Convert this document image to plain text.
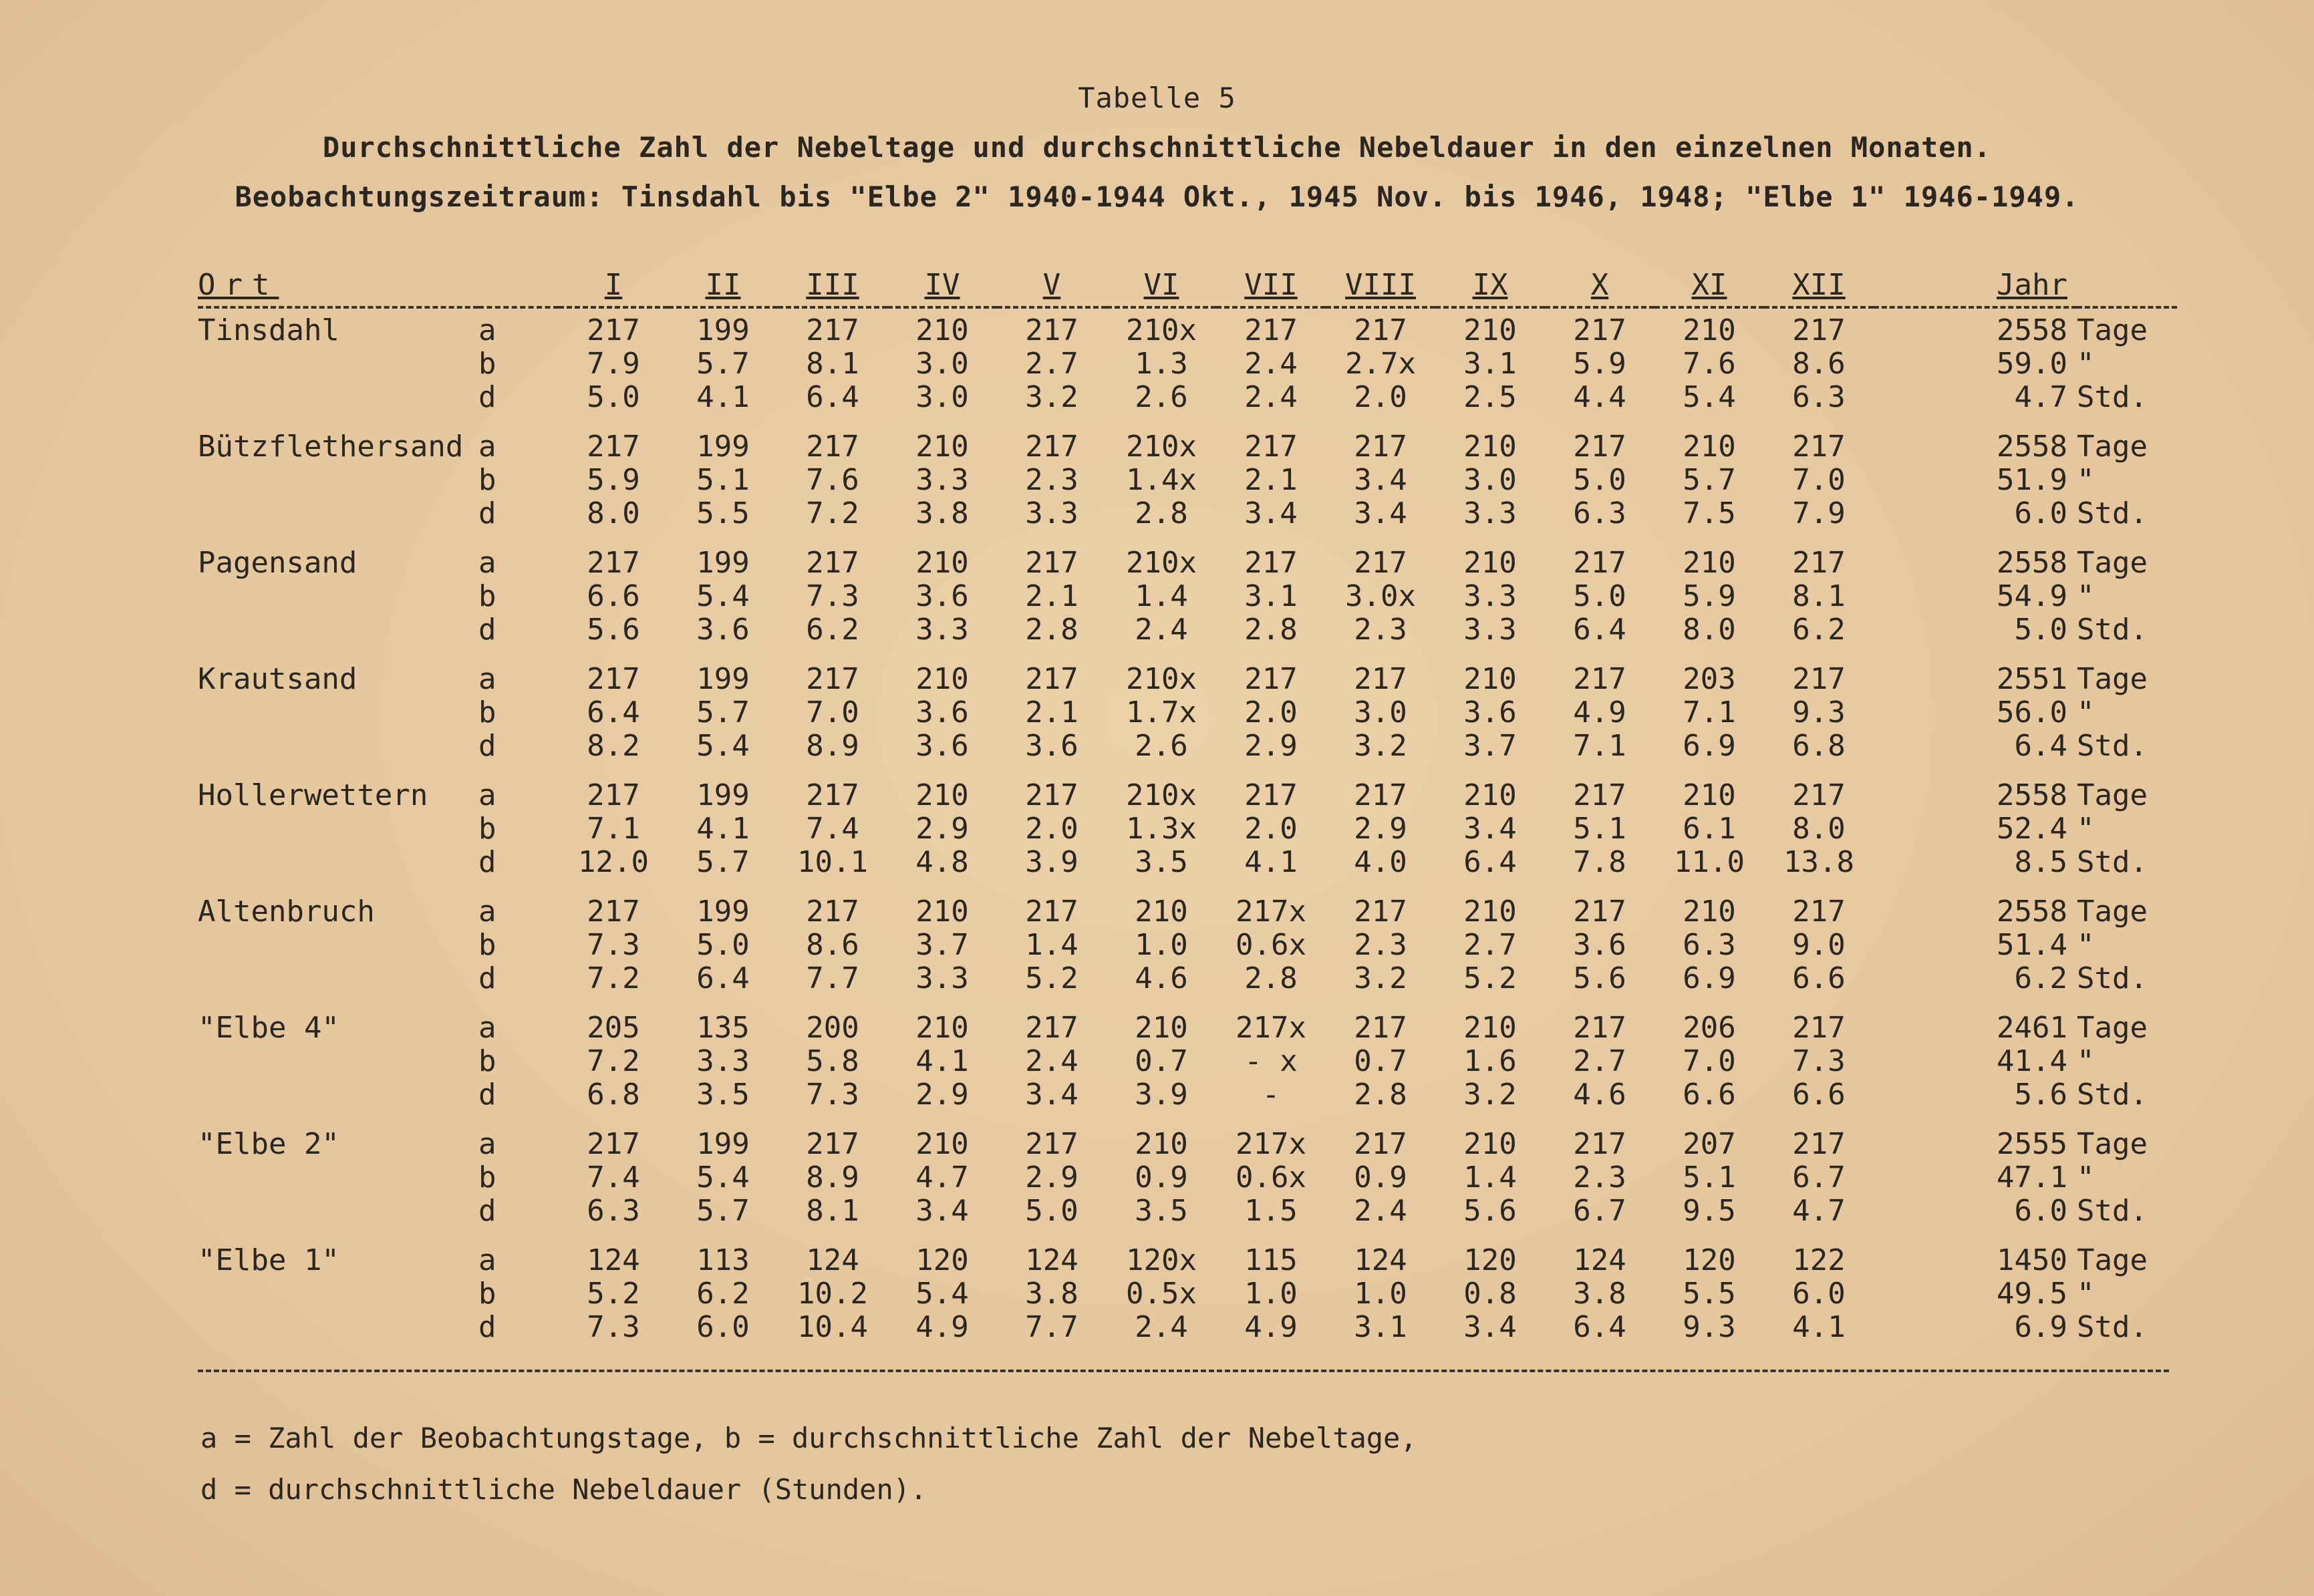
Tabelle 5
Durchschnittliche Zahl der Nebeltage und durchschnittliche Nebeldauer in den einzelnen Monaten.
Beobachtungszeitraum: Tinsdahl bis "Elbe 2" 1940-1944 Okt., 1945 Nov. bis 1946, 1948; "Elbe 1" 1946-1949.
Ort		I	II	III	IV	V	VI	VII	VIII	IX	X	XI	XII	Jahr	

Tinsdahl	a	217	199	217	210	217	210x	217	217	210	217	210	217	2558	Tage
	b	7.9	5.7	8.1	3.0	2.7	1.3	2.4	2.7x	3.1	5.9	7.6	8.6	59.0	"
	d	5.0	4.1	6.4	3.0	3.2	2.6	2.4	2.0	2.5	4.4	5.4	6.3	4.7	Std.

Bützflethersand	a	217	199	217	210	217	210x	217	217	210	217	210	217	2558	Tage
	b	5.9	5.1	7.6	3.3	2.3	1.4x	2.1	3.4	3.0	5.0	5.7	7.0	51.9	"
	d	8.0	5.5	7.2	3.8	3.3	2.8	3.4	3.4	3.3	6.3	7.5	7.9	6.0	Std.

Pagensand	a	217	199	217	210	217	210x	217	217	210	217	210	217	2558	Tage
	b	6.6	5.4	7.3	3.6	2.1	1.4	3.1	3.0x	3.3	5.0	5.9	8.1	54.9	"
	d	5.6	3.6	6.2	3.3	2.8	2.4	2.8	2.3	3.3	6.4	8.0	6.2	5.0	Std.

Krautsand	a	217	199	217	210	217	210x	217	217	210	217	203	217	2551	Tage
	b	6.4	5.7	7.0	3.6	2.1	1.7x	2.0	3.0	3.6	4.9	7.1	9.3	56.0	"
	d	8.2	5.4	8.9	3.6	3.6	2.6	2.9	3.2	3.7	7.1	6.9	6.8	6.4	Std.

Hollerwettern	a	217	199	217	210	217	210x	217	217	210	217	210	217	2558	Tage
	b	7.1	4.1	7.4	2.9	2.0	1.3x	2.0	2.9	3.4	5.1	6.1	8.0	52.4	"
	d	12.0	5.7	10.1	4.8	3.9	3.5	4.1	4.0	6.4	7.8	11.0	13.8	8.5	Std.

Altenbruch	a	217	199	217	210	217	210	217x	217	210	217	210	217	2558	Tage
	b	7.3	5.0	8.6	3.7	1.4	1.0	0.6x	2.3	2.7	3.6	6.3	9.0	51.4	"
	d	7.2	6.4	7.7	3.3	5.2	4.6	2.8	3.2	5.2	5.6	6.9	6.6	6.2	Std.

"Elbe 4"	a	205	135	200	210	217	210	217x	217	210	217	206	217	2461	Tage
	b	7.2	3.3	5.8	4.1	2.4	0.7	- x	0.7	1.6	2.7	7.0	7.3	41.4	"
	d	6.8	3.5	7.3	2.9	3.4	3.9	-	2.8	3.2	4.6	6.6	6.6	5.6	Std.

"Elbe 2"	a	217	199	217	210	217	210	217x	217	210	217	207	217	2555	Tage
	b	7.4	5.4	8.9	4.7	2.9	0.9	0.6x	0.9	1.4	2.3	5.1	6.7	47.1	"
	d	6.3	5.7	8.1	3.4	5.0	3.5	1.5	2.4	5.6	6.7	9.5	4.7	6.0	Std.

"Elbe 1"	a	124	113	124	120	124	120x	115	124	120	124	120	122	1450	Tage
	b	5.2	6.2	10.2	5.4	3.8	0.5x	1.0	1.0	0.8	3.8	5.5	6.0	49.5	"
	d	7.3	6.0	10.4	4.9	7.7	2.4	4.9	3.1	3.4	6.4	9.3	4.1	6.9	Std.
a = Zahl der Beobachtungstage, b = durchschnittliche Zahl der Nebeltage,
d = durchschnittliche Nebeldauer (Stunden).
